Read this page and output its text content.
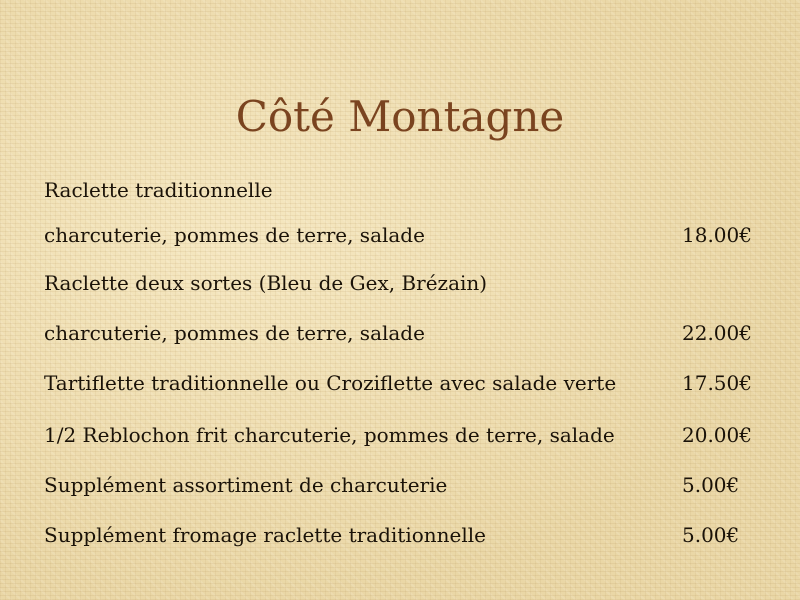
Côté Montagne
Raclette traditionnelle
charcuterie, pommes de terre, salade	18.00€
Raclette deux sortes (Bleu de Gex, Brézain)
charcuterie, pommes de terre, salade	22.00€
Tartiflette traditionnelle ou Croziflette avec salade verte	17.50€
1/2 Reblochon frit charcuterie, pommes de terre, salade	20.00€
Supplément assortiment de charcuterie	5.00€
Supplément fromage raclette traditionnelle	5.00€
